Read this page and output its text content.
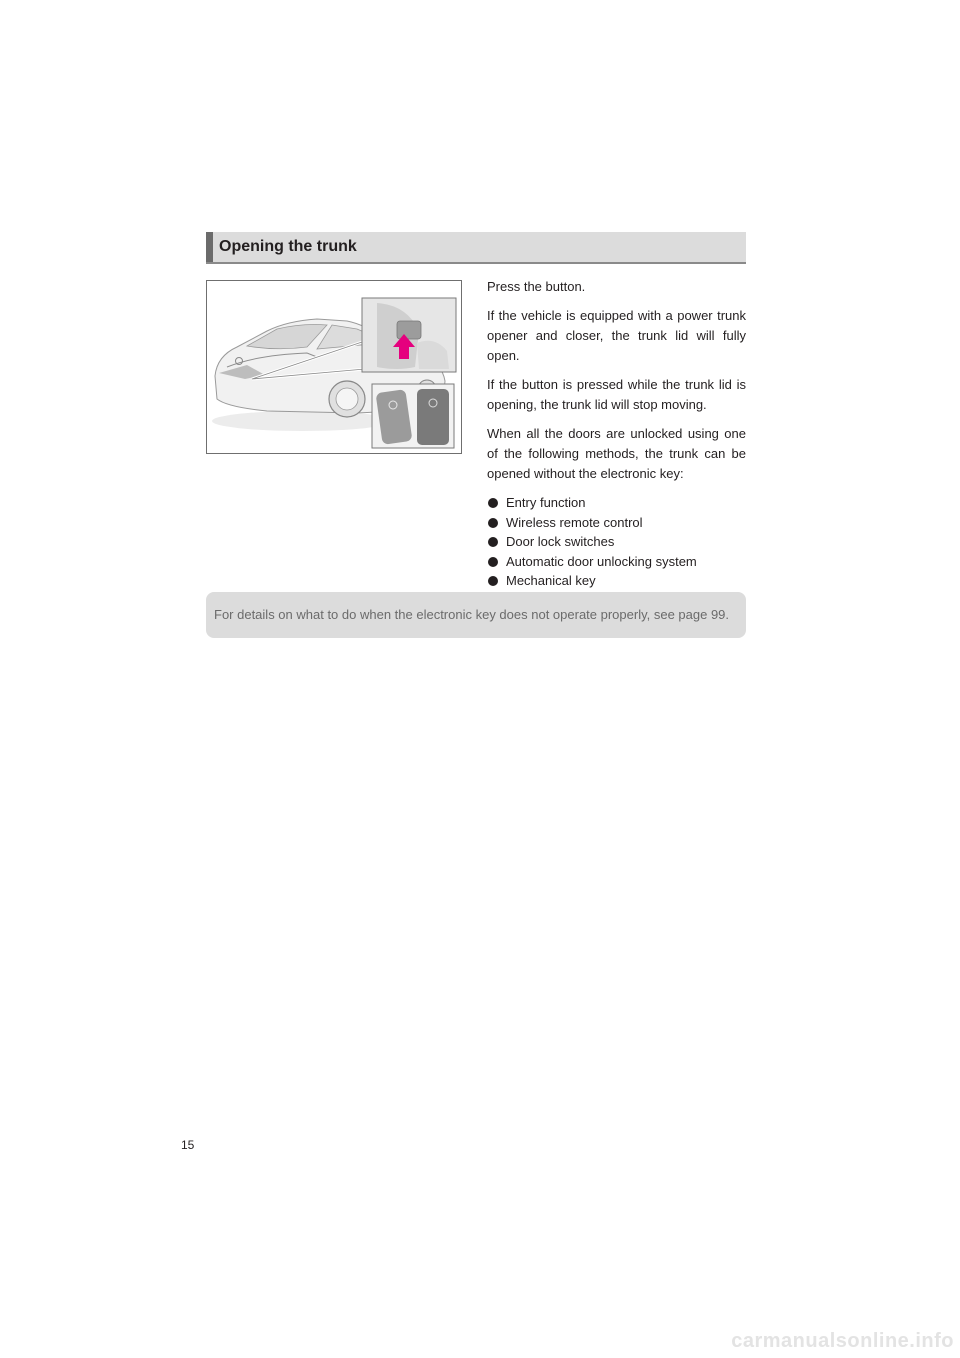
Opening the trunk

Press the button.

If the vehicle is equipped with a power trunk opener and closer, the trunk lid will fully open.

If the button is pressed while the trunk lid is opening, the trunk lid will stop moving.

When all the doors are unlocked using one of the following methods, the trunk can be opened without the electronic key:

Entry function
Wireless remote control
Door lock switches
Automatic door unlocking system
Mechanical key
For details on what to do when the electronic key does not operate properly, see page 99.
15
carmanualsonline.info
